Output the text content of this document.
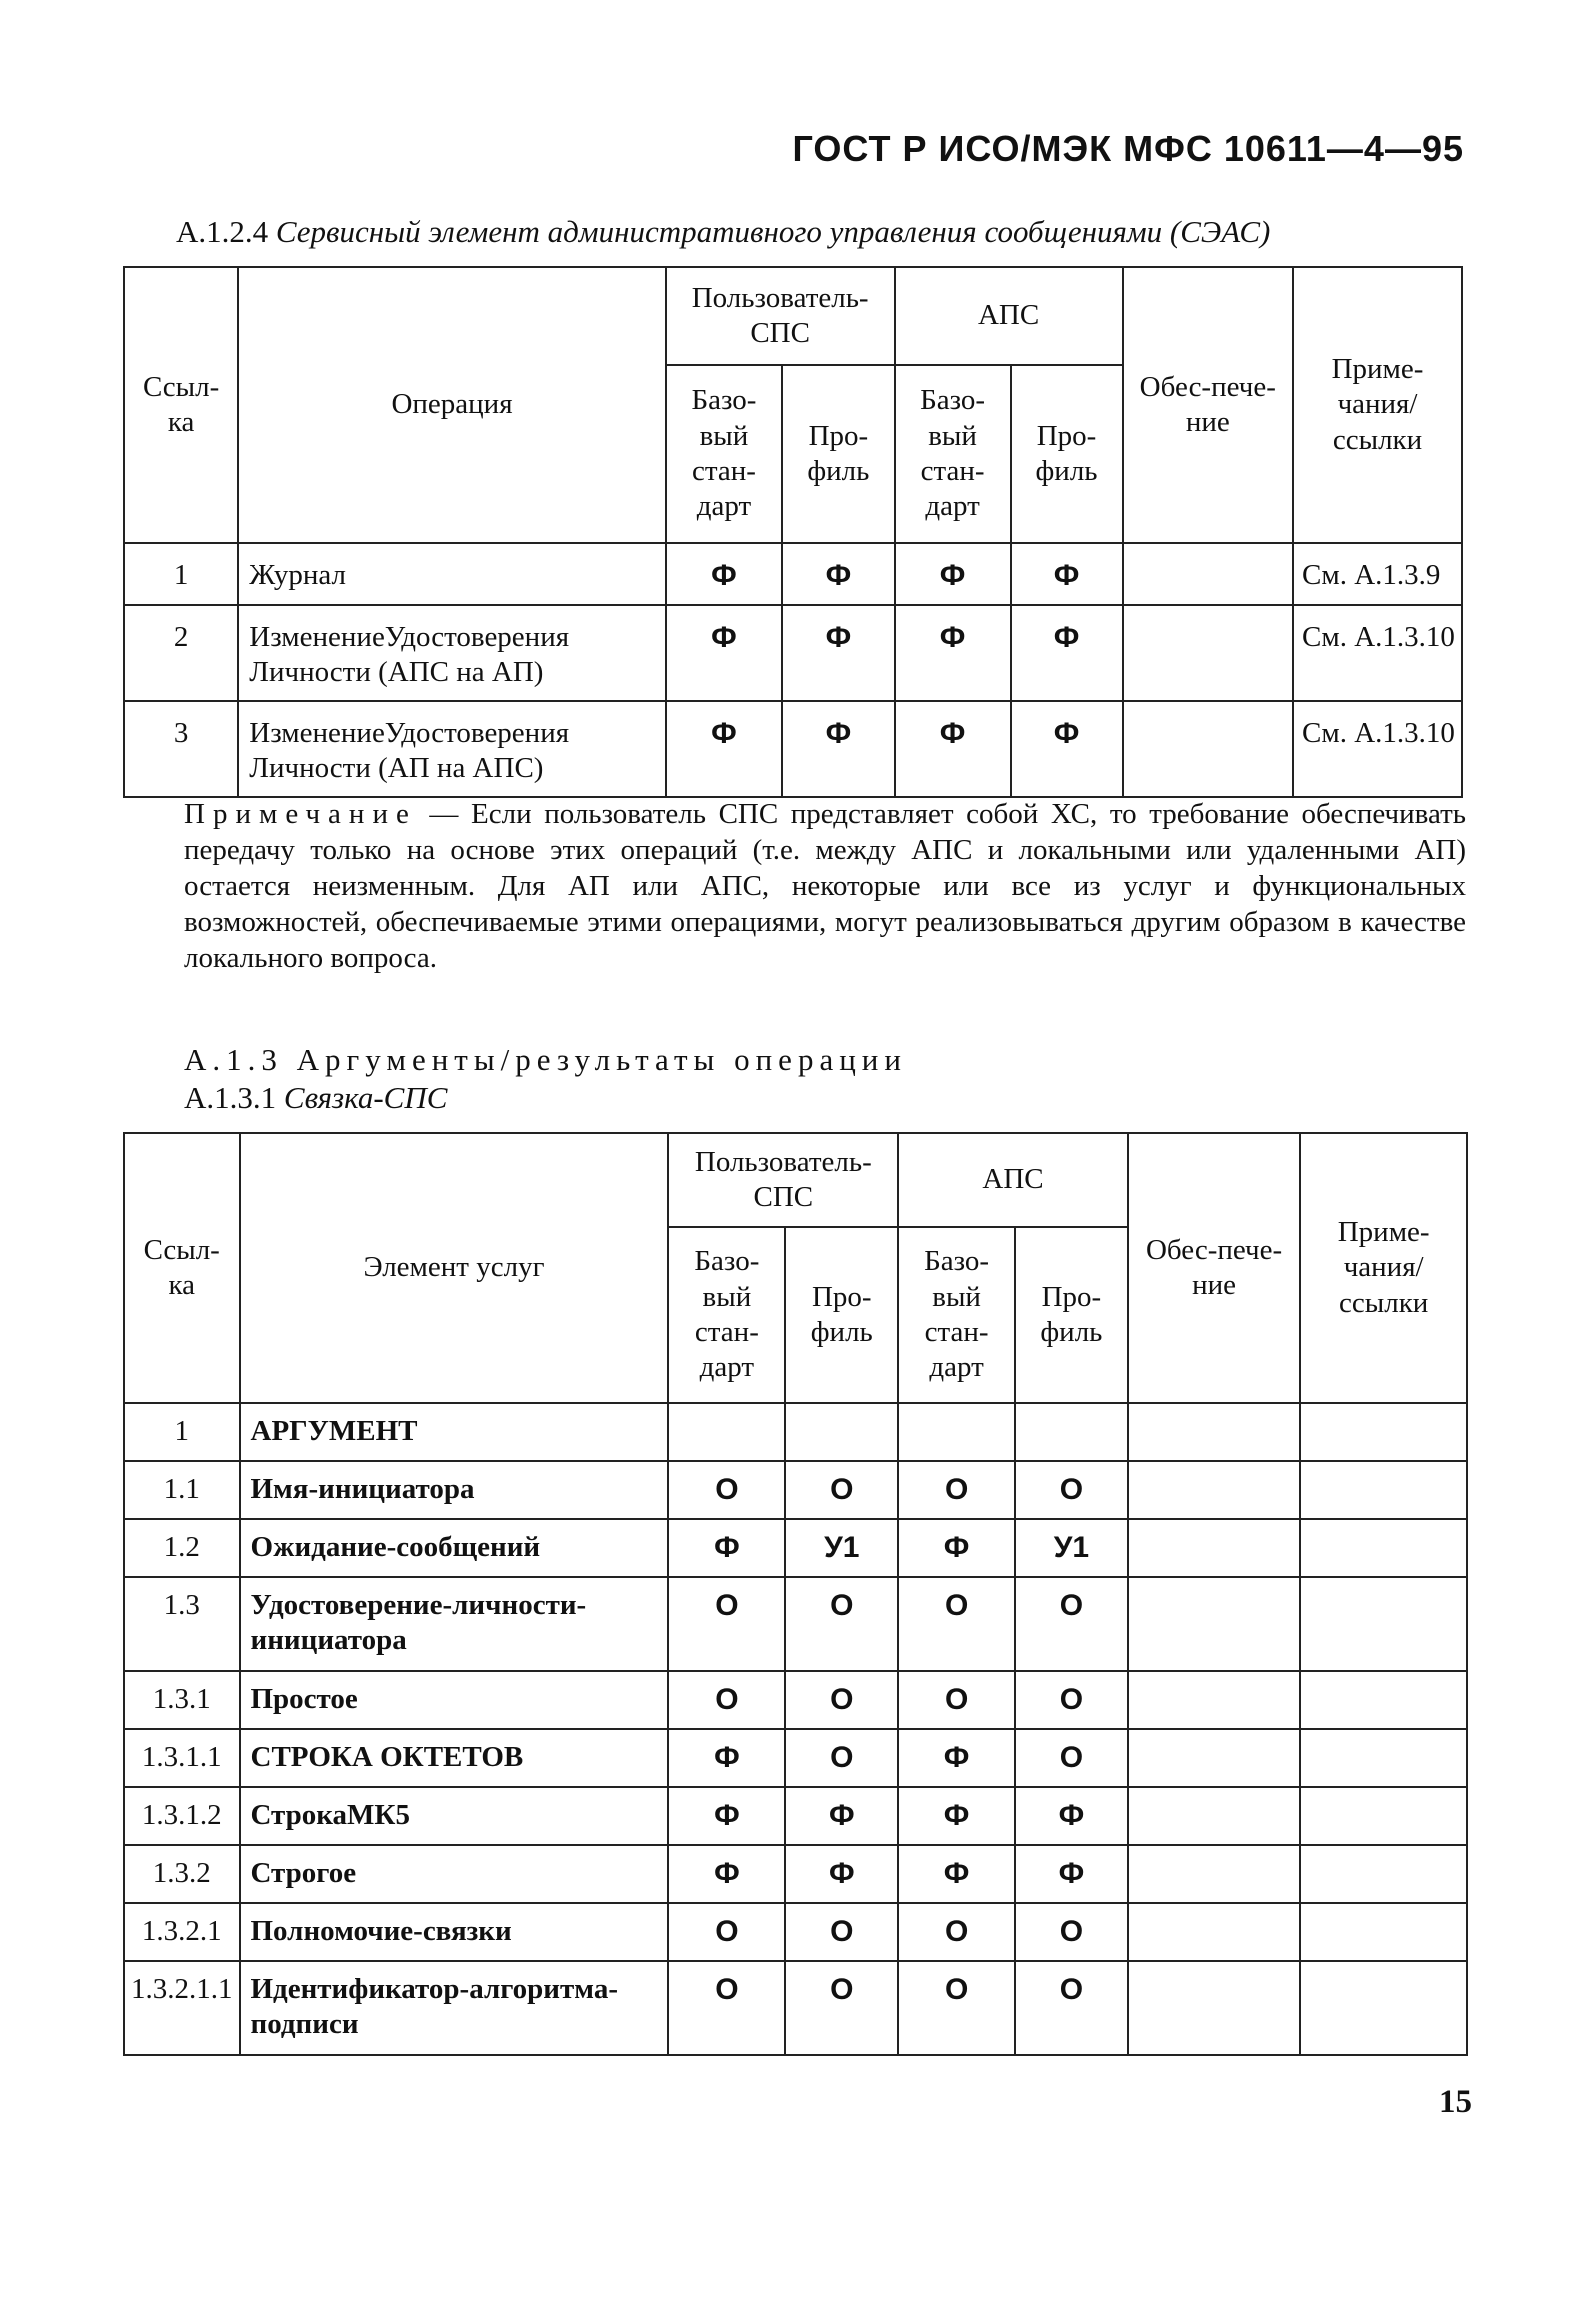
ГОСТ Р ИСО/МЭК МФС 10611—4—95
А.1.2.4 Сервисный элемент административного управления сообщениями (СЭАС)
Ссыл-ка	Операция	Пользователь-СПС		АПС		Обес-пече-ние	Приме-чания/ ссылки
		Базо-вый стан-дарт	Про-филь	Базо-вый стан-дарт	Про-филь		
1	Журнал	Ф	Ф	Ф	Ф		См. А.1.3.9
2	ИзменениеУдостоверения Личности (АПС на АП)	Ф	Ф	Ф	Ф		См. А.1.3.10
3	ИзменениеУдостоверения Личности (АП на АПС)	Ф	Ф	Ф	Ф		См. А.1.3.10
Примечание — Если пользователь СПС представляет собой ХС, то требование обеспечивать передачу только на основе этих операций (т.е. между АПС и локальными или удаленными АП) остается неизменным. Для АП или АПС, некоторые или все из услуг и функциональных возможностей, обеспечиваемые этими операциями, могут реализовываться другим образом в качестве локального вопроса.
А.1.3 Аргументы/результаты операции
А.1.3.1 Связка-СПС
Ссыл-ка	Элемент услуг	Пользователь-СПС		АПС		Обес-пече-ние	Приме-чания/ ссылки
		Базо-вый стан-дарт	Про-филь	Базо-вый стан-дарт	Про-филь		
1	АРГУМЕНТ						
1.1	Имя-инициатора	О	О	О	О		
1.2	Ожидание-сообщений	Ф	У1	Ф	У1		
1.3	Удостоверение-личности-инициатора	О	О	О	О		
1.3.1	Простое	О	О	О	О		
1.3.1.1	СТРОКА ОКТЕТОВ	Ф	О	Ф	О		
1.3.1.2	СтрокаМК5	Ф	Ф	Ф	Ф		
1.3.2	Строгое	Ф	Ф	Ф	Ф		
1.3.2.1	Полномочие-связки	О	О	О	О		
1.3.2.1.1	Идентификатор-алгоритма-подписи	О	О	О	О		
15
